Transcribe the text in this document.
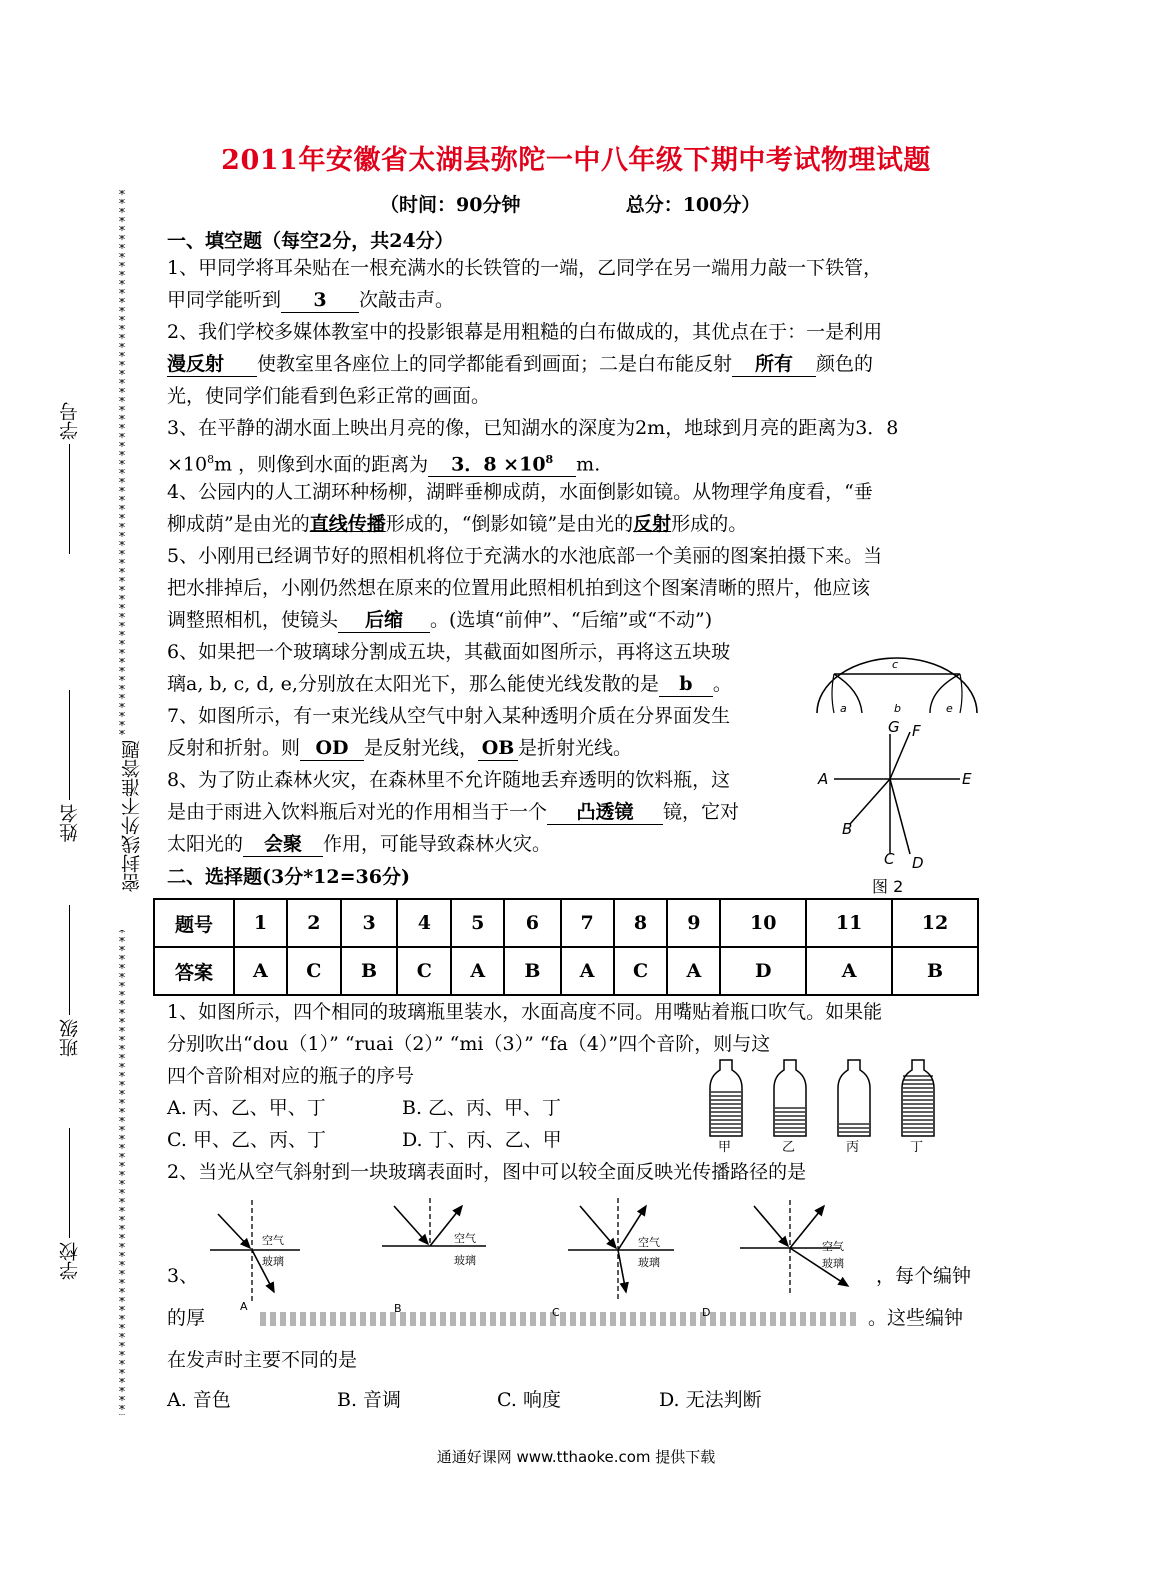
2011年安徽省太湖县弥陀一中八年级下期中考试物理试题
（时间：90分钟	总分：100分）
学校
班级
姓名
学号
密封线外不准答题
一、填空题（每空2分，共24分）
1、甲同学将耳朵贴在一根充满水的长铁管的一端，乙同学在另一端用力敲一下铁管，
甲同学能听到 3 次敲击声。
2、我们学校多媒体教室中的投影银幕是用粗糙的白布做成的，其优点在于：一是利用
漫反射 使教室里各座位上的同学都能看到画面；二是白布能反射 所有 颜色的
光，使同学们能看到色彩正常的画面。
3、在平静的湖水面上映出月亮的像，已知湖水的深度为2m，地球到月亮的距离为3．8
$\times 10^8m$ ，则像到水面的距离为 3．$8 \times 10^8$ m.
4、公园内的人工湖环种杨柳，湖畔垂柳成荫，水面倒影如镜。从物理学角度看，“垂
柳成荫”是由光的直线传播形成的，“倒影如镜”是由光的反射形成的。
5、小刚用已经调节好的照相机将位于充满水的水池底部一个美丽的图案拍摄下来。当
把水排掉后，小刚仍然想在原来的位置用此照相机拍到这个图案清晰的照片，他应该
调整照相机，使镜头 后缩 。(选填“前伸”、“后缩”或“不动”)
6、如果把一个玻璃球分割成五块，其截面如图所示，再将这五块玻
璃a, b, c, d, e,分别放在太阳光下，那么能使光线发散的是 b 。
7、如图所示，有一束光线从空气中射入某种透明介质在分界面发生
反射和折射。则 OD 是反射光线， OB 是折射光线。
8、为了防止森林火灾，在森林里不允许随地丢弃透明的饮料瓶，这
是由于雨进入饮料瓶后对光的作用相当于一个 凸透镜 镜，它对
太阳光的 会聚 作用，可能导致森林火灾。
c
a	b	e
G F
A	E
B
C D
图 2
二、选择题(3分*12=36分)
题号	1	2	3	4	5	6	7	8	9	10	11	12
答案	A	C	B	C	A	B	A	C	A	D	A	B
1、如图所示，四个相同的玻璃瓶里装水，水面高度不同。用嘴贴着瓶口吹气。如果能
分别吹出“dou（1）” “ruai（2）” “mi（3）” “fa（4）”四个音阶，则与这
四个音阶相对应的瓶子的序号
A. 丙、乙、甲、丁	B. 乙、丙、甲、丁
C. 甲、乙、丙、丁	D. 丁、丙、乙、甲	甲	乙	丙	丁
2、当光从空气斜射到一块玻璃表面时，图中可以较全面反映光传播路径的是
3、	，每个编钟
的厚	。这些编钟
在发声时主要不同的是
A. 音色	B. 音调	C. 响度	D. 无法判断
空气
玻璃
A
空气
玻璃
B
空气
玻璃
C
空气
玻璃
D
通通好课网 www.tthaoke.com 提供下载
